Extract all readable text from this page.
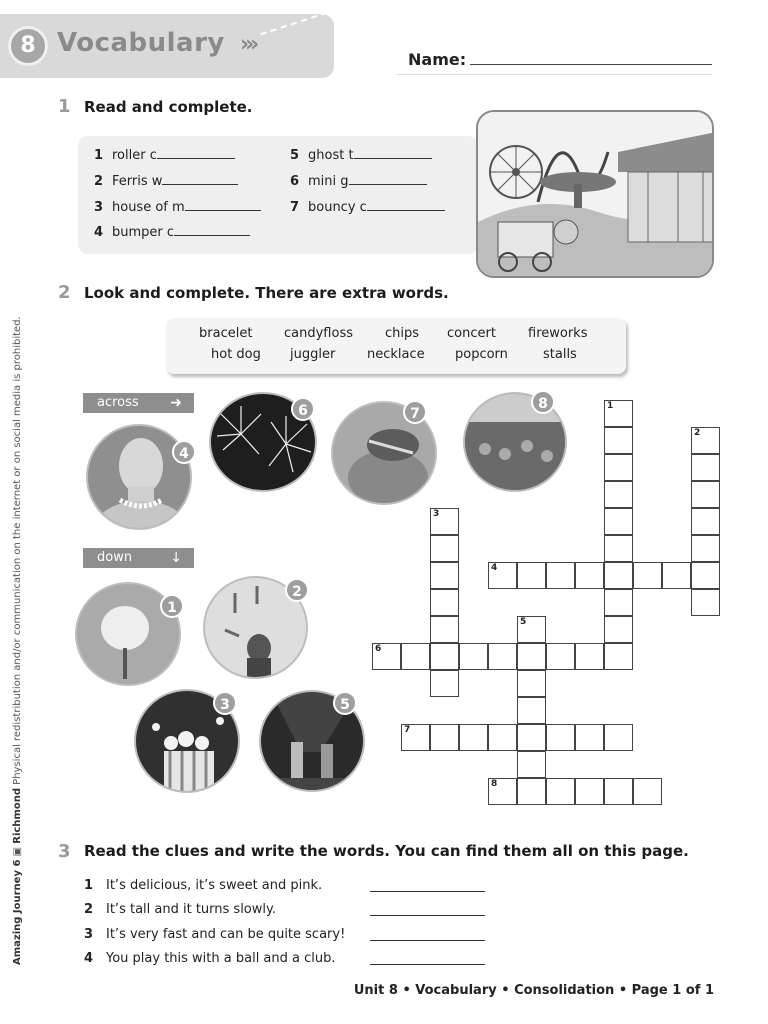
8 Vocabulary ›››
Name:
1 Read and complete.
1 roller c
2 Ferris w
3 house of m
4 bumper c
5 ghost t
6 mini g
7 bouncy c
2 Look and complete. There are extra words.
bracelet candyfloss chips concert fireworks
hot dog juggler necklace popcorn	stalls
across ➜
down	↓
4
6	7
8
1
2
3	5
1
2
3
4
5
6
7
8
3 Read the clues and write the words. You can find them all on this page.
1 It’s delicious, it’s sweet and pink.
2 It’s tall and it turns slowly.
3 It’s very fast and can be quite scary!
4 You play this with a ball and a club.
Amazing Journey 6 ▣ Richmond Physical redistribution and/or communication on the internet or on social media is prohibited.
Unit 8 • Vocabulary • Consolidation • Page 1 of 1
